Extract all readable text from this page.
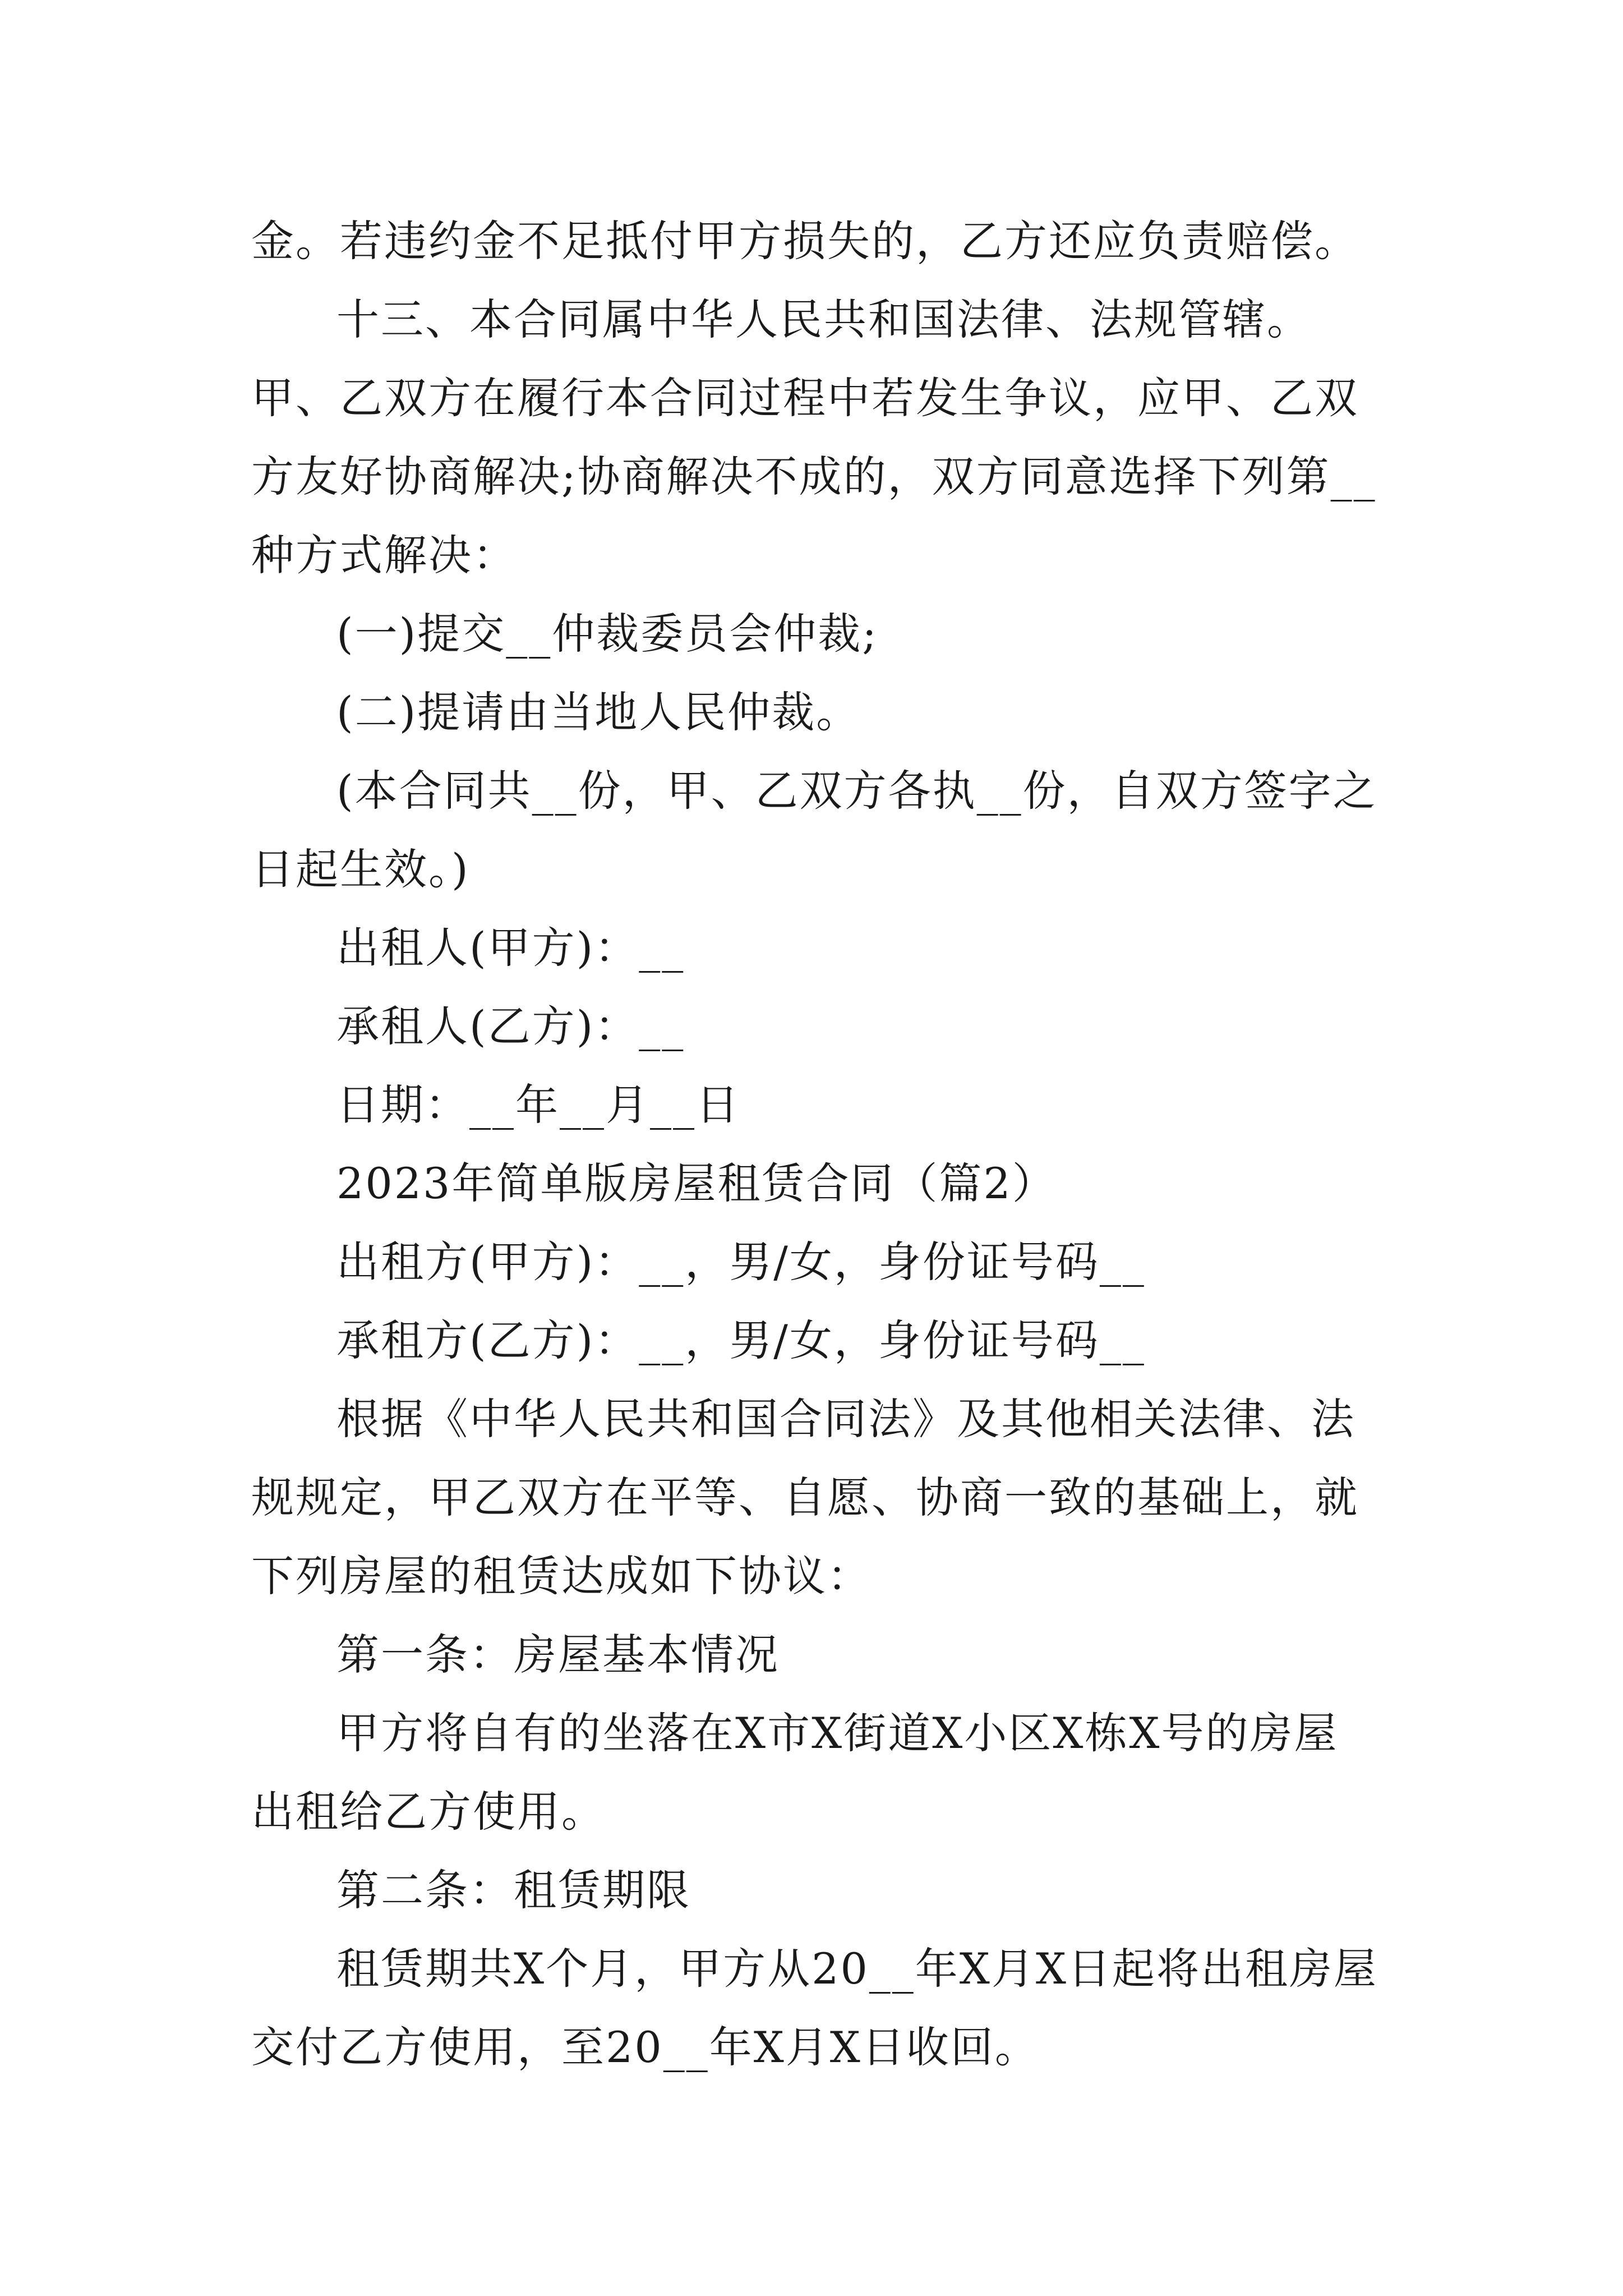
金。若违约金不足抵付甲方损失的，乙方还应负责赔偿。

十三、本合同属中华人民共和国法律、法规管辖。甲、乙双方在履行本合同过程中若发生争议，应甲、乙双方友好协商解决;协商解决不成的，双方同意选择下列第__种方式解决：

(一)提交__仲裁委员会仲裁;

(二)提请由当地人民仲裁。

(本合同共__份，甲、乙双方各执__份，自双方签字之日起生效。)

出租人(甲方)：__

承租人(乙方)：__

日期：__年__月__日

2023年简单版房屋租赁合同（篇2）

出租方(甲方)：__，男/女，身份证号码__

承租方(乙方)：__，男/女，身份证号码__

根据《中华人民共和国合同法》及其他相关法律、法规规定，甲乙双方在平等、自愿、协商一致的基础上，就下列房屋的租赁达成如下协议：

第一条：房屋基本情况

甲方将自有的坐落在X市X街道X小区X栋X号的房屋出租给乙方使用。

第二条：租赁期限

租赁期共X个月，甲方从20__年X月X日起将出租房屋交付乙方使用，至20__年X月X日收回。
